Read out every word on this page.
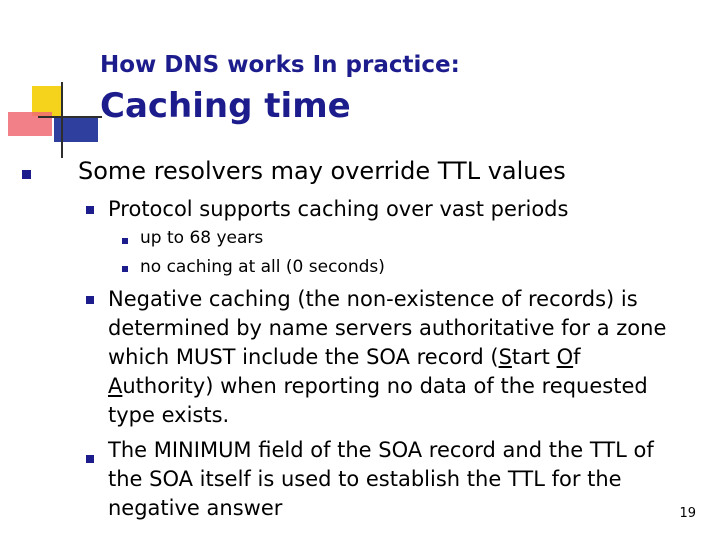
How DNS works In practice:
Caching time
Some resolvers may override TTL values
Protocol supports caching over vast periods
up to 68 years
no caching at all (0 seconds)
Negative caching (the non-existence of records) is
determined by name servers authoritative for a zone
which MUST include the SOA record (Start Of
Authority) when reporting no data of the requested
type exists.
The MINIMUM field of the SOA record and the TTL of
the SOA itself is used to establish the TTL for the
negative answer	19
